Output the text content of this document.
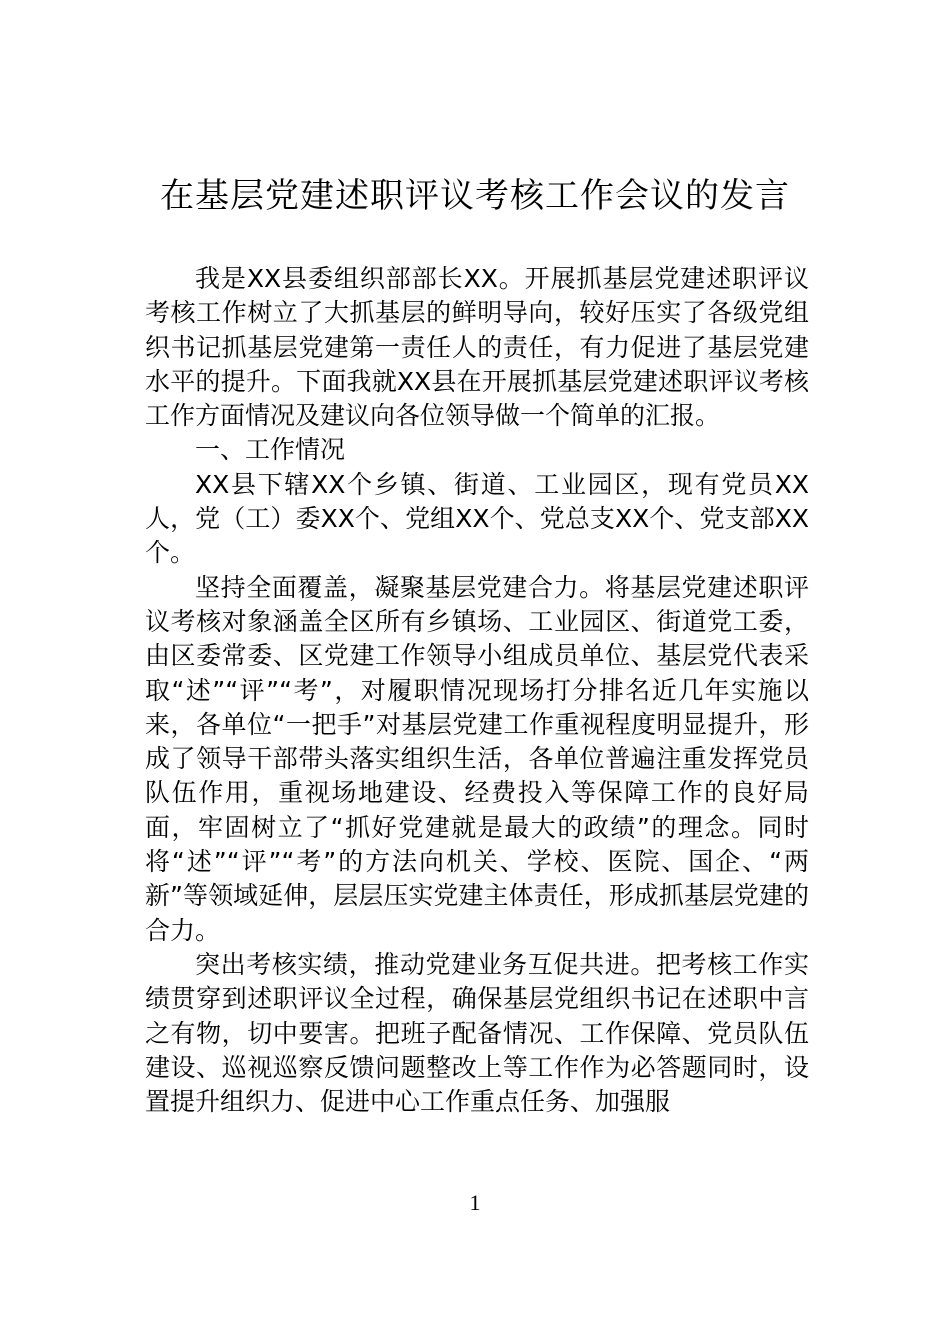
在基层党建述职评议考核工作会议的发言

我是XX县委组织部部长XX。开展抓基层党建述职评议考核工作树立了大抓基层的鲜明导向，较好压实了各级党组织书记抓基层党建第一责任人的责任，有力促进了基层党建水平的提升。下面我就XX县在开展抓基层党建述职评议考核工作方面情况及建议向各位领导做一个简单的汇报。

一、工作情况

XX县下辖XX个乡镇、街道、工业园区，现有党员XX人，党（工）委XX个、党组XX个、党总支XX个、党支部XX个。

坚持全面覆盖，凝聚基层党建合力。将基层党建述职评议考核对象涵盖全区所有乡镇场、工业园区、街道党工委，由区委常委、区党建工作领导小组成员单位、基层党代表采取“述”“评”“考”，对履职情况现场打分排名近几年实施以来，各单位“一把手”对基层党建工作重视程度明显提升，形成了领导干部带头落实组织生活，各单位普遍注重发挥党员队伍作用，重视场地建设、经费投入等保障工作的良好局面，牢固树立了“抓好党建就是最大的政绩”的理念。同时将“述”“评”“考”的方法向机关、学校、医院、国企、“两新”等领域延伸，层层压实党建主体责任，形成抓基层党建的合力。

突出考核实绩，推动党建业务互促共进。把考核工作实绩贯穿到述职评议全过程，确保基层党组织书记在述职中言之有物，切中要害。把班子配备情况、工作保障、党员队伍建设、巡视巡察反馈问题整改上等工作作为必答题同时，设置提升组织力、促进中心工作重点任务、加强服

1
